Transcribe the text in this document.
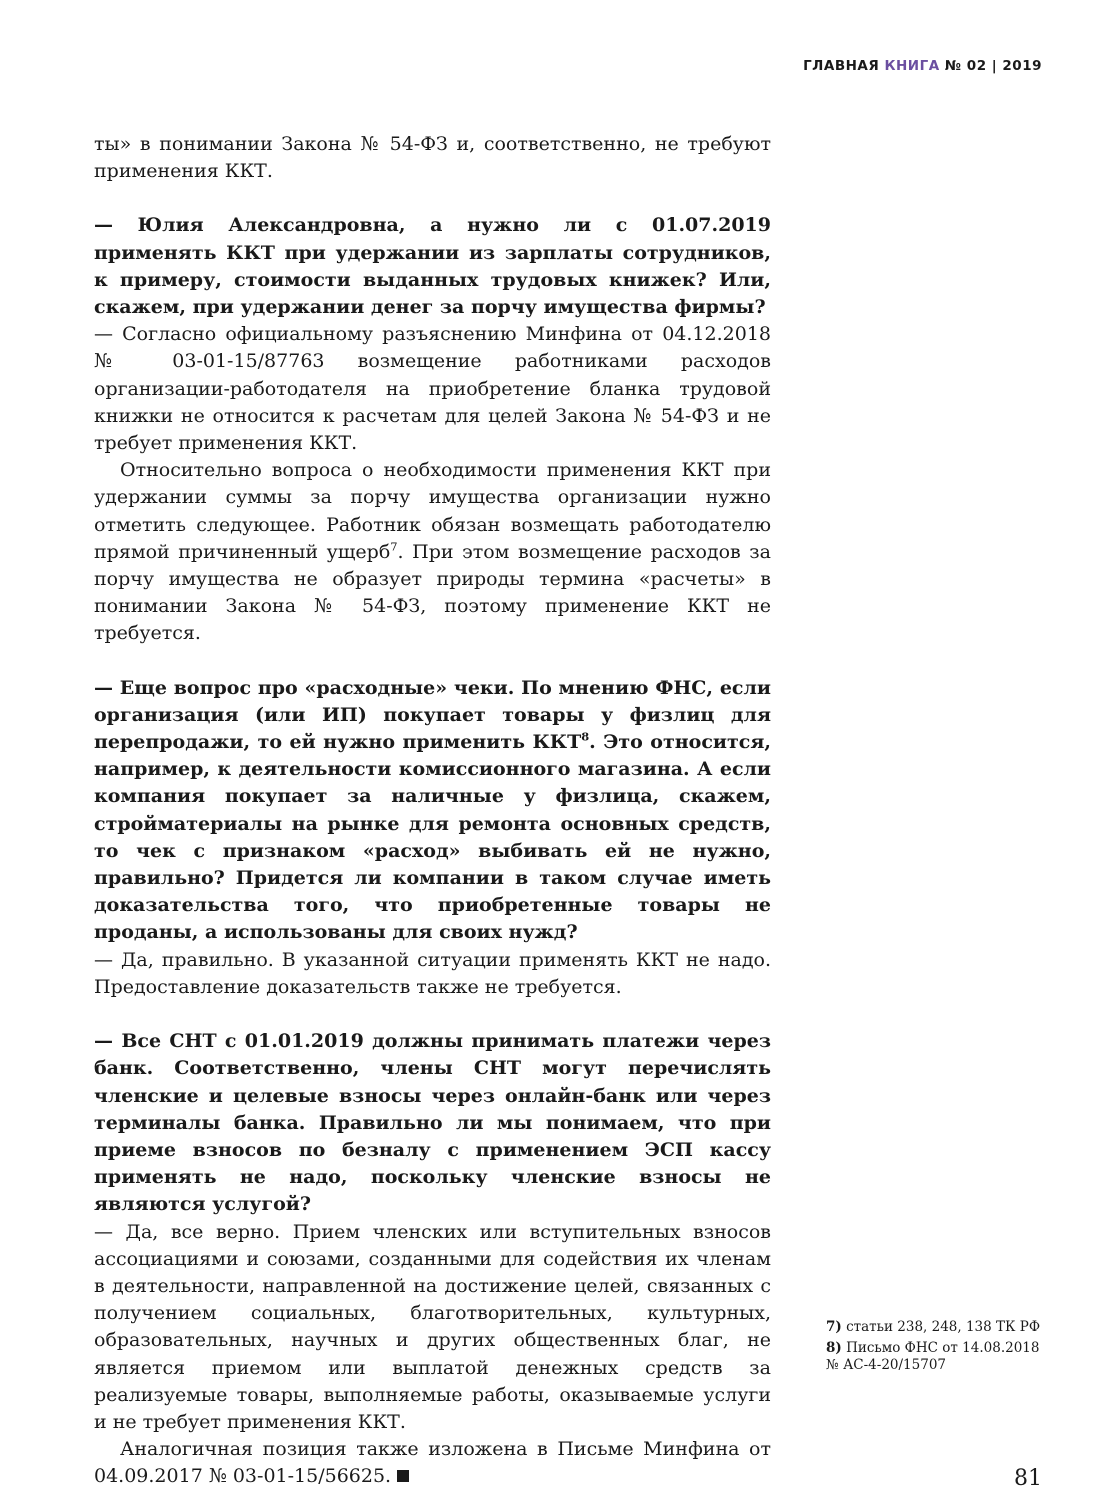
ГЛАВНАЯ КНИГА № 02 | 2019

ты» в понимании Закона № 54-ФЗ и, соответственно, не требуют применения ККТ.

— Юлия Александровна, а нужно ли с 01.07.2019 применять ККТ при удержании из зарплаты сотрудников, к примеру, стоимости выданных трудовых книжек? Или, скажем, при удержании денег за порчу имущества фирмы?

— Согласно официальному разъяснению Минфина от 04.12.2018 № 03-01-15/87763 возмещение работниками расходов организации-работодателя на приобретение бланка трудовой книжки не относится к расчетам для целей Закона № 54-ФЗ и не требует применения ККТ.

Относительно вопроса о необходимости применения ККТ при удержании суммы за порчу имущества организации нужно отметить следующее. Работник обязан возмещать работодателю прямой причиненный ущерб$^7$. При этом возмещение расходов за порчу имущества не образует природы термина «расчеты» в понимании Закона № 54-ФЗ, поэтому применение ККТ не требуется.

— Еще вопрос про «расходные» чеки. По мнению ФНС, если организация (или ИП) покупает товары у физлиц для перепродажи, то ей нужно применить ККТ$^8$. Это относится, например, к деятельности комиссионного магазина. А если компания покупает за наличные у физлица, скажем, стройматериалы на рынке для ремонта основных средств, то чек с признаком «расход» выбивать ей не нужно, правильно? Придется ли компании в таком случае иметь доказательства того, что приобретенные товары не проданы, а использованы для своих нужд?

— Да, правильно. В указанной ситуации применять ККТ не надо. Предоставление доказательств также не требуется.

— Все СНТ с 01.01.2019 должны принимать платежи через банк. Соответственно, члены СНТ могут перечислять членские и целевые взносы через онлайн-банк или через терминалы банка. Правильно ли мы понимаем, что при приеме взносов по безналу с применением ЭСП кассу применять не надо, поскольку членские взносы не являются услугой?

— Да, все верно. Прием членских или вступительных взносов ассоциациями и союзами, созданными для содействия их членам в деятельности, направленной на достижение целей, связанных с получением социальных, благотворительных, культурных, образовательных, научных и других общественных благ, не является приемом или выплатой денежных средств за реализуемые товары, выполняемые работы, оказываемые услуги и не требует применения ККТ.

Аналогичная позиция также изложена в Письме Минфина от 04.09.2017 № 03-01-15/56625.

7) статьи 238, 248, 138 ТК РФ
8) Письмо ФНС от 14.08.2018 № АС-4-20/15707
81
